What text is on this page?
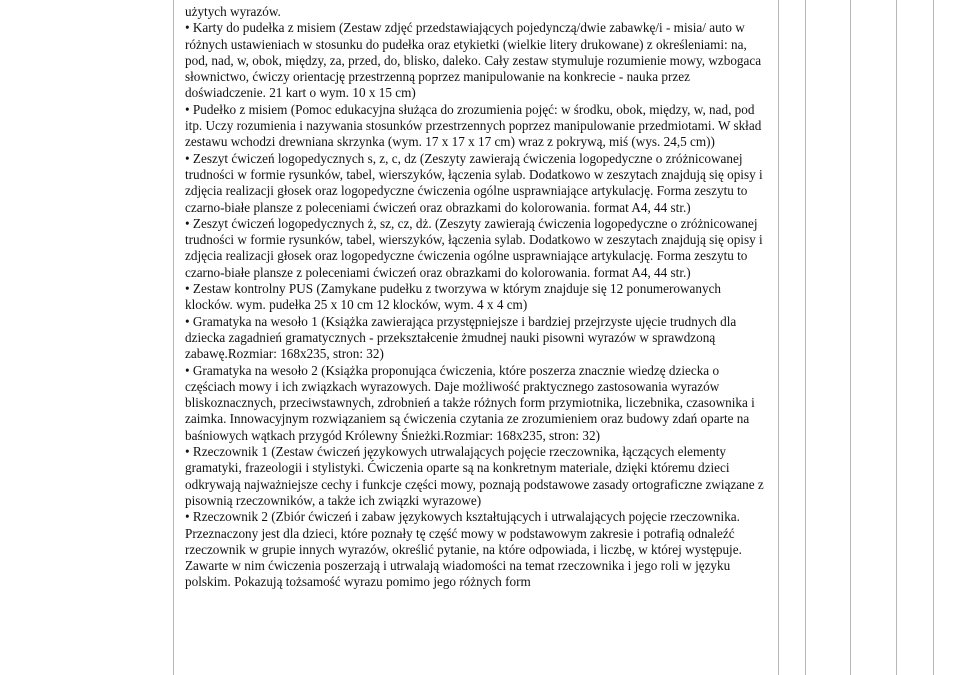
użytych wyrazów.

• Karty do pudełka z misiem (Zestaw zdjęć przedstawiających pojedynczą/dwie zabawkę/i - misia/ auto w różnych ustawieniach w stosunku do pudełka oraz etykietki (wielkie litery drukowane) z określeniami: na, pod, nad, w, obok, między, za, przed, do, blisko, daleko. Cały zestaw stymuluje rozumienie mowy, wzbogaca słownictwo, ćwiczy orientację przestrzenną poprzez manipulowanie na konkrecie - nauka przez doświadczenie. 21 kart o wym. 10 x 15 cm)

• Pudełko z misiem (Pomoc edukacyjna służąca do zrozumienia pojęć: w środku, obok, między, w, nad, pod itp. Uczy rozumienia i nazywania stosunków przestrzennych poprzez manipulowanie przedmiotami. W skład zestawu wchodzi drewniana skrzynka (wym. 17 x 17 x 17 cm) wraz z pokrywą, miś (wys. 24,5 cm))

• Zeszyt ćwiczeń logopedycznych s, z, c, dz (Zeszyty zawierają ćwiczenia logopedyczne o zróżnicowanej trudności w formie rysunków, tabel, wierszyków, łączenia sylab. Dodatkowo w zeszytach znajdują się opisy i zdjęcia realizacji głosek oraz logopedyczne ćwiczenia ogólne usprawniające artykulację. Forma zeszytu to czarno-białe plansze z poleceniami ćwiczeń oraz obrazkami do kolorowania. format A4, 44 str.)

• Zeszyt ćwiczeń logopedycznych ż, sz, cz, dż. (Zeszyty zawierają ćwiczenia logopedyczne o zróżnicowanej trudności w formie rysunków, tabel, wierszyków, łączenia sylab. Dodatkowo w zeszytach znajdują się opisy i zdjęcia realizacji głosek oraz logopedyczne ćwiczenia ogólne usprawniające artykulację. Forma zeszytu to czarno-białe plansze z poleceniami ćwiczeń oraz obrazkami do kolorowania. format A4, 44 str.)

• Zestaw kontrolny PUS (Zamykane pudełku z tworzywa w którym znajduje się 12 ponumerowanych klocków. wym. pudełka 25 x 10 cm 12 klocków, wym. 4 x 4 cm)

• Gramatyka na wesoło 1 (Książka zawierająca przystępniejsze i bardziej przejrzyste ujęcie trudnych dla dziecka zagadnień gramatycznych - przekształcenie żmudnej nauki pisowni wyrazów w sprawdzoną zabawę.Rozmiar: 168x235, stron: 32)

• Gramatyka na wesoło 2 (Książka proponująca ćwiczenia, które poszerza znacznie wiedzę dziecka o częściach mowy i ich związkach wyrazowych. Daje możliwość praktycznego zastosowania wyrazów bliskoznacznych, przeciwstawnych, zdrobnień a także różnych form przymiotnika, liczebnika, czasownika i zaimka. Innowacyjnym rozwiązaniem są ćwiczenia czytania ze zrozumieniem oraz budowy zdań oparte na baśniowych wątkach przygód Królewny Śnieżki.Rozmiar: 168x235, stron: 32)

• Rzeczownik 1 (Zestaw ćwiczeń językowych utrwalających pojęcie rzeczownika, łączących elementy gramatyki, frazeologii i stylistyki. Ćwiczenia oparte są na konkretnym materiale, dzięki któremu dzieci odkrywają najważniejsze cechy i funkcje części mowy, poznają podstawowe zasady ortograficzne związane z pisownią rzeczowników, a także ich związki wyrazowe)

• Rzeczownik 2 (Zbiór ćwiczeń i zabaw językowych kształtujących i utrwalających pojęcie rzeczownika. Przeznaczony jest dla dzieci, które poznały tę część mowy w podstawowym zakresie i potrafią odnaleźć rzeczownik w grupie innych wyrazów, określić pytanie, na które odpowiada, i liczbę, w której występuje. Zawarte w nim ćwiczenia poszerzają i utrwalają wiadomości na temat rzeczownika i jego roli w języku polskim. Pokazują tożsamość wyrazu pomimo jego różnych form
